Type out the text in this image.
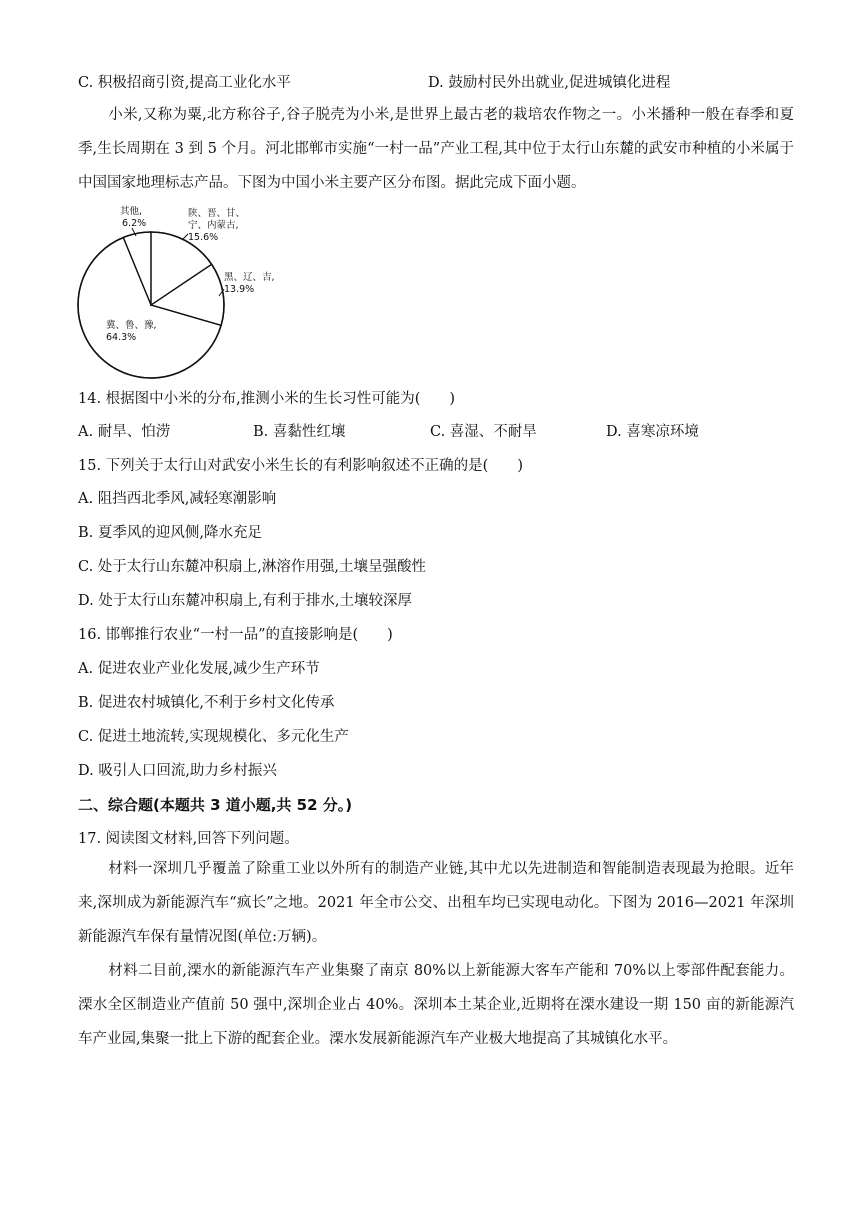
C. 积极招商引资,提高工业化水平	D. 鼓励村民外出就业,促进城镇化进程
小米,又称为粟,北方称谷子,谷子脱壳为小米,是世界上最古老的栽培农作物之一。小米播种一般在春季和夏季,生长周期在 3 到 5 个月。河北邯郸市实施“一村一品”产业工程,其中位于太行山东麓的武安市种植的小米属于中国国家地理标志产品。下图为中国小米主要产区分布图。据此完成下面小题。
其他,
6.2%
陕、晋、甘、
宁、内蒙古,
15.6%
黑、辽、吉,
13.9%
冀、鲁、豫,
64.3%
14. 根据图中小米的分布,推测小米的生长习性可能为(　　)
A. 耐旱、怕涝	B. 喜黏性红壤	C. 喜湿、不耐旱	D. 喜寒凉环境
15. 下列关于太行山对武安小米生长的有利影响叙述不正确的是(　　)
A. 阻挡西北季风,减轻寒潮影响
B. 夏季风的迎风侧,降水充足
C. 处于太行山东麓冲积扇上,淋溶作用强,土壤呈强酸性
D. 处于太行山东麓冲积扇上,有利于排水,土壤较深厚
16. 邯郸推行农业“一村一品”的直接影响是(　　)
A. 促进农业产业化发展,减少生产环节
B. 促进农村城镇化,不利于乡村文化传承
C. 促进土地流转,实现规模化、多元化生产
D. 吸引人口回流,助力乡村振兴
二、综合题(本题共 3 道小题,共 52 分。)
17. 阅读图文材料,回答下列问题。
材料一深圳几乎覆盖了除重工业以外所有的制造产业链,其中尤以先进制造和智能制造表现最为抢眼。近年来,深圳成为新能源汽车“疯长”之地。2021 年全市公交、出租车均已实现电动化。下图为 2016—2021 年深圳新能源汽车保有量情况图(单位:万辆)。
材料二目前,溧水的新能源汽车产业集聚了南京 80%以上新能源大客车产能和 70%以上零部件配套能力。溧水全区制造业产值前 50 强中,深圳企业占 40%。深圳本土某企业,近期将在溧水建设一期 150 亩的新能源汽车产业园,集聚一批上下游的配套企业。溧水发展新能源汽车产业极大地提高了其城镇化水平。
